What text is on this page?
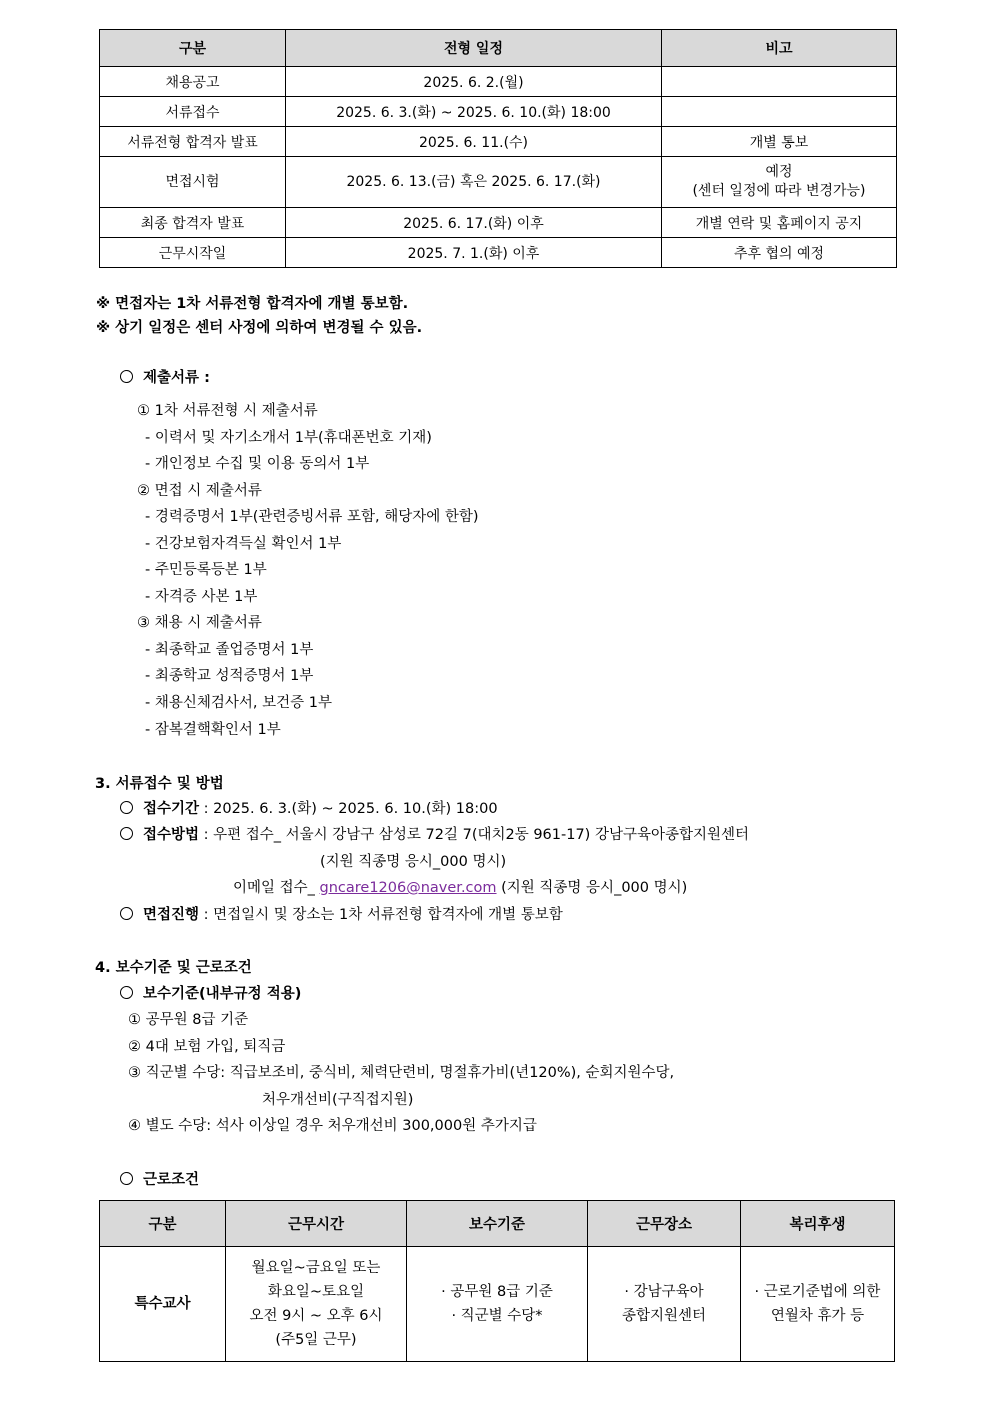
구분	전형 일정	비고
채용공고	2025. 6. 2.(월)	
서류접수	2025. 6. 3.(화) ~ 2025. 6. 10.(화) 18:00	
서류전형 합격자 발표	2025. 6. 11.(수)	개별 통보
면접시험	2025. 6. 13.(금) 혹은 2025. 6. 17.(화)	예정
(센터 일정에 따라 변경가능)
최종 합격자 발표	2025. 6. 17.(화) 이후	개별 연락 및 홈페이지 공지
근무시작일	2025. 7. 1.(화) 이후	추후 협의 예정
※ 면접자는 1차 서류전형 합격자에 개별 통보함.
※ 상기 일정은 센터 사정에 의하여 변경될 수 있음.
제출서류 :
① 1차 서류전형 시 제출서류
- 이력서 및 자기소개서 1부(휴대폰번호 기재)
- 개인정보 수집 및 이용 동의서 1부
② 면접 시 제출서류
- 경력증명서 1부(관련증빙서류 포함, 해당자에 한함)
- 건강보험자격득실 확인서 1부
- 주민등록등본 1부
- 자격증 사본 1부
③ 채용 시 제출서류
- 최종학교 졸업증명서 1부
- 최종학교 성적증명서 1부
- 채용신체검사서, 보건증 1부
- 잠복결핵확인서 1부
3. 서류접수 및 방법
접수기간 : 2025. 6. 3.(화) ~ 2025. 6. 10.(화) 18:00
접수방법 : 우편 접수_ 서울시 강남구 삼성로 72길 7(대치2동 961-17) 강남구육아종합지원센터
(지원 직종명 응시_000 명시)
이메일 접수_ gncare1206@naver.com (지원 직종명 응시_000 명시)
면접진행 : 면접일시 및 장소는 1차 서류전형 합격자에 개별 통보함
4. 보수기준 및 근로조건
보수기준(내부규정 적용)
① 공무원 8급 기준
② 4대 보험 가입, 퇴직금
③ 직군별 수당: 직급보조비, 중식비, 체력단련비, 명절휴가비(년120%), 순회지원수당,
처우개선비(구직접지원)
④ 별도 수당: 석사 이상일 경우 처우개선비 300,000원 추가지급
근로조건
구분	근무시간	보수기준	근무장소	복리후생
특수교사	월요일~금요일 또는
화요일~토요일
오전 9시 ~ 오후 6시
(주5일 근무)	· 공무원 8급 기준
· 직군별 수당*	· 강남구육아
종합지원센터	· 근로기준법에 의한
연월차 휴가 등
